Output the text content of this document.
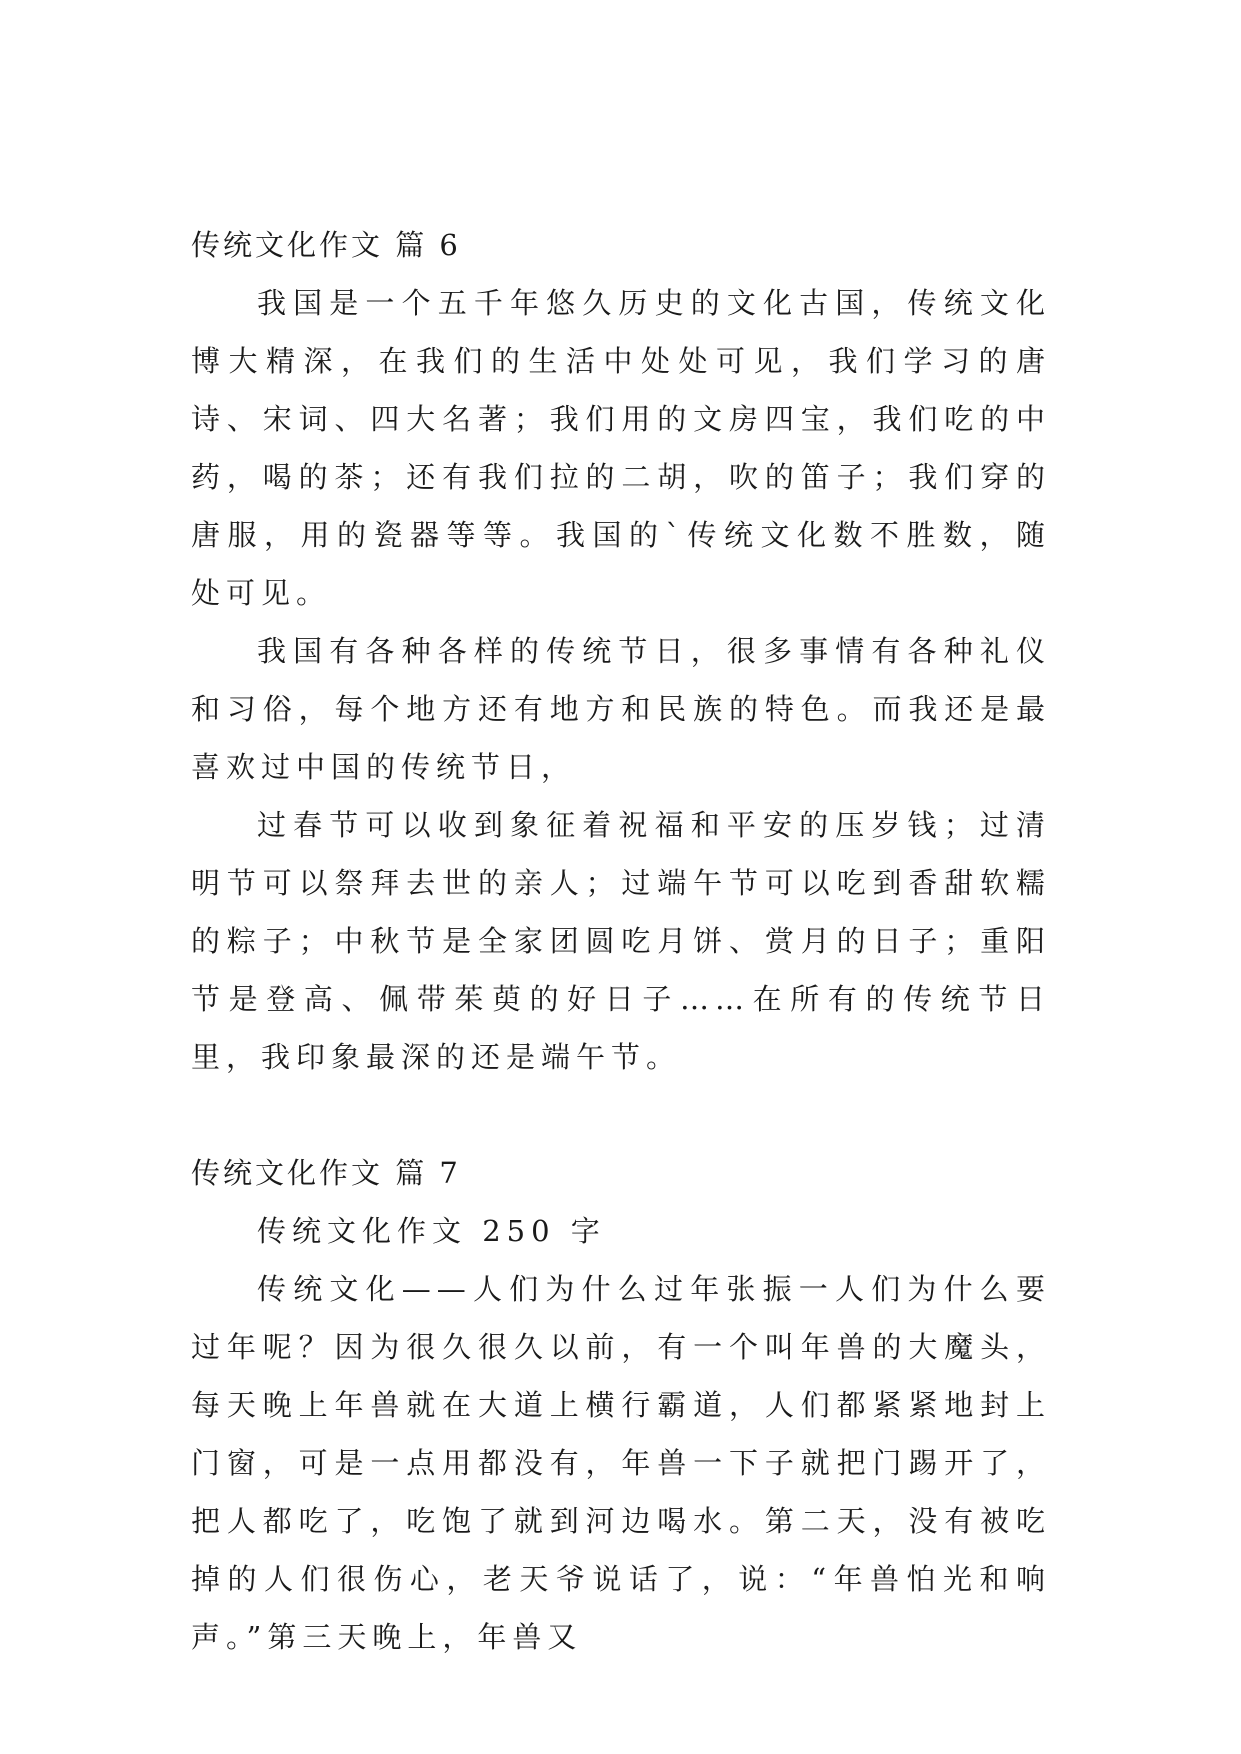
传统文化作文 篇 6

我国是一个五千年悠久历史的文化古国，传统文化博大精深，在我们的生活中处处可见，我们学习的唐诗、宋词、四大名著；我们用的文房四宝，我们吃的中药，喝的茶；还有我们拉的二胡，吹的笛子；我们穿的唐服，用的瓷器等等。我国的`传统文化数不胜数，随处可见。

我国有各种各样的传统节日，很多事情有各种礼仪和习俗，每个地方还有地方和民族的特色。而我还是最喜欢过中国的传统节日，

过春节可以收到象征着祝福和平安的压岁钱；过清明节可以祭拜去世的亲人；过端午节可以吃到香甜软糯的粽子；中秋节是全家团圆吃月饼、赏月的日子；重阳节是登高、佩带茱萸的好日子……在所有的传统节日里，我印象最深的还是端午节。

传统文化作文 篇 7

传统文化作文 250 字

传统文化——人们为什么过年张振一人们为什么要过年呢？因为很久很久以前，有一个叫年兽的大魔头，每天晚上年兽就在大道上横行霸道，人们都紧紧地封上门窗，可是一点用都没有，年兽一下子就把门踢开了，把人都吃了，吃饱了就到河边喝水。第二天，没有被吃掉的人们很伤心，老天爷说话了，说：“年兽怕光和响声。”第三天晚上，年兽又
